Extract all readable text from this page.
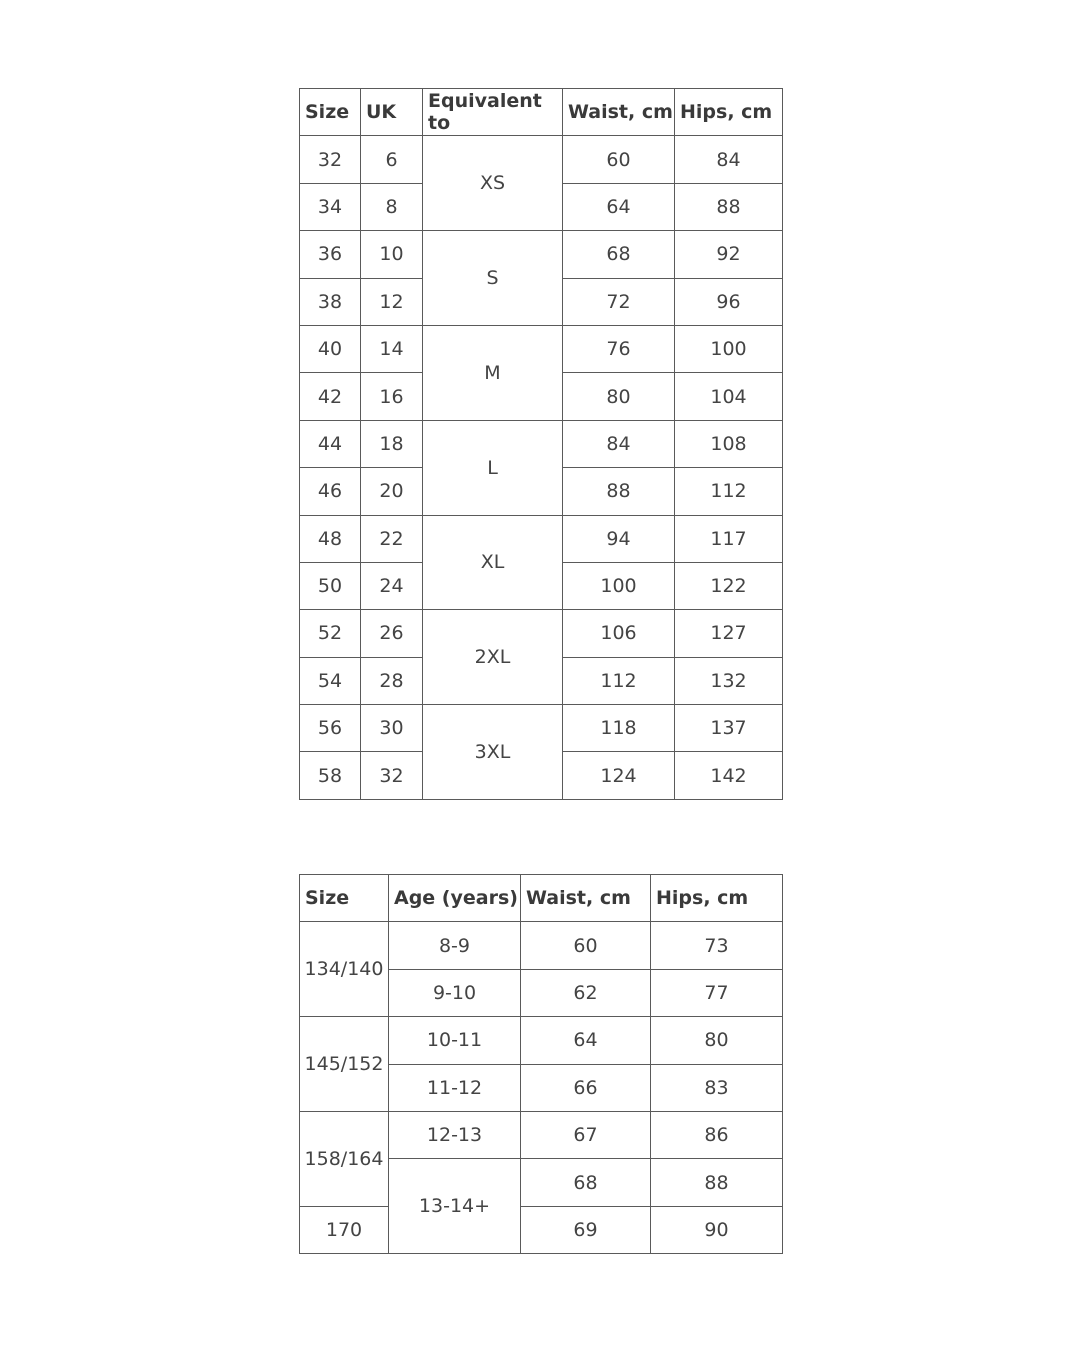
Size	UK	Equivalent to	Waist, cm	Hips, cm
32	6	XS	60	84
34	8		64	88
36	10	S	68	92
38	12		72	96
40	14	M	76	100
42	16		80	104
44	18	L	84	108
46	20		88	112
48	22	XL	94	117
50	24		100	122
52	26	2XL	106	127
54	28		112	132
56	30	3XL	118	137
58	32		124	142
Size	Age (years)	Waist, cm	Hips, cm
134/140	8-9	60	73
	9-10	62	77
145/152	10-11	64	80
	11-12	66	83
158/164	12-13	67	86
	13-14+	68	88
170		69	90
